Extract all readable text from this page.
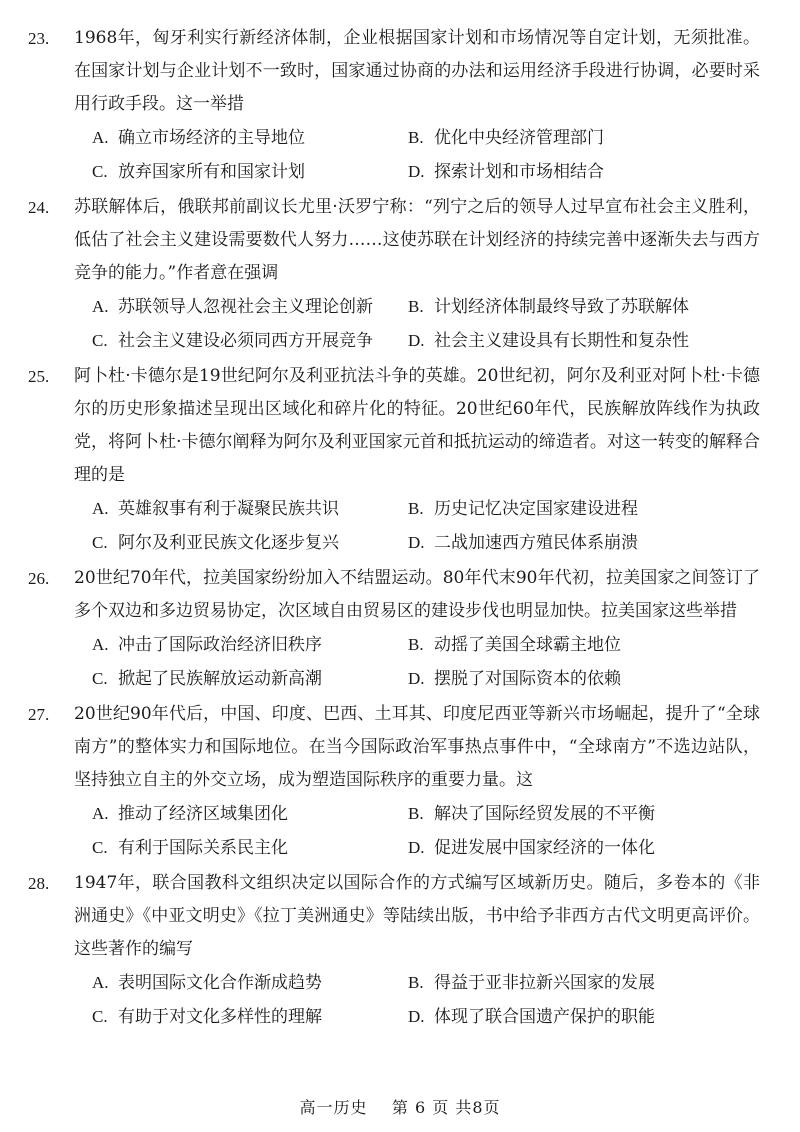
23.	1968年，匈牙利实行新经济体制，企业根据国家计划和市场情况等自定计划，无须批准。在国家计划与企业计划不一致时，国家通过协商的办法和运用经济手段进行协调，必要时采用行政手段。这一举措
A. 确立市场经济的主导地位	B. 优化中央经济管理部门
C. 放弃国家所有和国家计划	D. 探索计划和市场相结合
24.	苏联解体后，俄联邦前副议长尤里·沃罗宁称：“列宁之后的领导人过早宣布社会主义胜利，低估了社会主义建设需要数代人努力……这使苏联在计划经济的持续完善中逐渐失去与西方竞争的能力。”作者意在强调
A. 苏联领导人忽视社会主义理论创新	B. 计划经济体制最终导致了苏联解体
C. 社会主义建设必须同西方开展竞争	D. 社会主义建设具有长期性和复杂性
25.	阿卜杜·卡德尔是19世纪阿尔及利亚抗法斗争的英雄。20世纪初，阿尔及利亚对阿卜杜·卡德尔的历史形象描述呈现出区域化和碎片化的特征。20世纪60年代，民族解放阵线作为执政党，将阿卜杜·卡德尔阐释为阿尔及利亚国家元首和抵抗运动的缔造者。对这一转变的解释合理的是
A. 英雄叙事有利于凝聚民族共识	B. 历史记忆决定国家建设进程
C. 阿尔及利亚民族文化逐步复兴	D. 二战加速西方殖民体系崩溃
26.	20世纪70年代，拉美国家纷纷加入不结盟运动。80年代末90年代初，拉美国家之间签订了多个双边和多边贸易协定，次区域自由贸易区的建设步伐也明显加快。拉美国家这些举措
A. 冲击了国际政治经济旧秩序	B. 动摇了美国全球霸主地位
C. 掀起了民族解放运动新高潮	D. 摆脱了对国际资本的依赖
27.	20世纪90年代后，中国、印度、巴西、土耳其、印度尼西亚等新兴市场崛起，提升了“全球南方”的整体实力和国际地位。在当今国际政治军事热点事件中，“全球南方”不选边站队，坚持独立自主的外交立场，成为塑造国际秩序的重要力量。这
A. 推动了经济区域集团化	B. 解决了国际经贸发展的不平衡
C. 有利于国际关系民主化	D. 促进发展中国家经济的一体化
28.	1947年，联合国教科文组织决定以国际合作的方式编写区域新历史。随后，多卷本的《非洲通史》《中亚文明史》《拉丁美洲通史》等陆续出版，书中给予非西方古代文明更高评价。这些著作的编写
A. 表明国际文化合作渐成趋势	B. 得益于亚非拉新兴国家的发展
C. 有助于对文化多样性的理解	D. 体现了联合国遗产保护的职能
高一历史 第 6 页 共8页
